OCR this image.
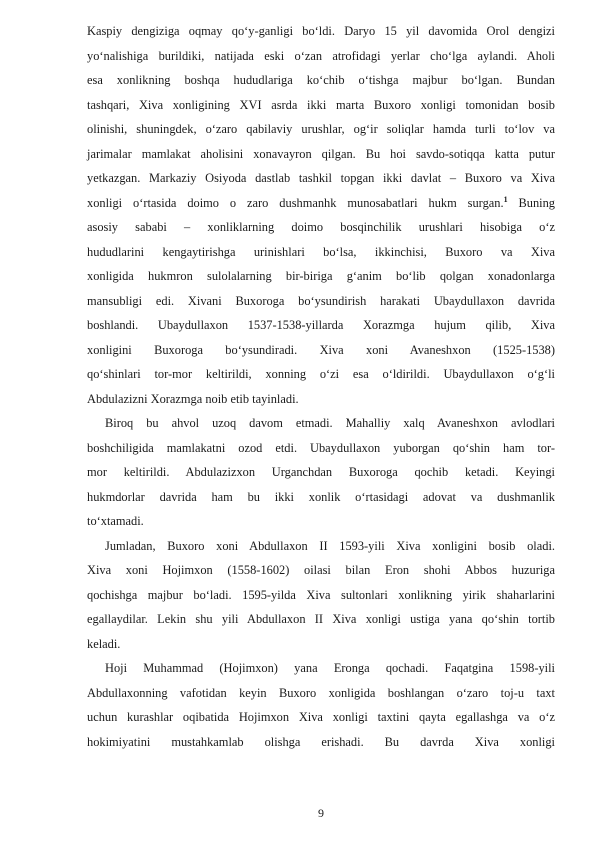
Kaspiy dengiziga oqmay qo‘y-ganligi bo‘ldi. Daryo 15 yil davomida Orol dengizi
yo‘nalishiga burildiki, natijada eski o‘zan atrofidagi yerlar cho‘lga aylandi. Aholi
esa xonlikning boshqa hududlariga ko‘chib o‘tishga majbur bo‘lgan. Bundan
tashqari, Xiva xonligining XVI asrda ikki marta Buxoro xonligi tomonidan bosib
olinishi, shuningdek, o‘zaro qabilaviy urushlar, og‘ir soliqlar hamda turli to‘lov va
jarimalar mamlakat aholisini xonavayron qilgan. Bu hoi savdo-sotiqqa katta putur
yetkazgan. Markaziy Osiyoda dastlab tashkil topgan ikki davlat – Buxoro va Xiva
xonligi o‘rtasida doimo o zaro dushmanhk munosabatlari hukm surgan.$^1$ Buning
asosiy sababi – xonliklarning doimo bosqinchilik urushlari hisobiga o‘z
hududlarini kengaytirishga urinishlari bo‘lsa, ikkinchisi, Buxoro va Xiva
xonligida hukmron sulolalarning bir-biriga g‘anim bo‘lib qolgan xonadonlarga
mansubligi edi. Xivani Buxoroga bo‘ysundirish harakati Ubaydullaxon davrida
boshlandi. Ubaydullaxon 1537-1538-yillarda Xorazmga hujum qilib, Xiva
xonligini Buxoroga bo‘ysundiradi. Xiva xoni Avaneshxon (1525-1538)
qo‘shinlari tor-mor keltirildi, xonning o‘zi esa o‘ldirildi. Ubaydullaxon o‘g‘li
Abdulazizni Xorazmga noib etib tayinladi.
Biroq bu ahvol uzoq davom etmadi. Mahalliy xalq Avaneshxon avlodlari
boshchiligida mamlakatni ozod etdi. Ubaydullaxon yuborgan qo‘shin ham tor-
mor keltirildi. Abdulazizxon Urganchdan Buxoroga qochib ketadi. Keyingi
hukmdorlar davrida ham bu ikki xonlik o‘rtasidagi adovat va dushmanlik
to‘xtamadi.
Jumladan, Buxoro xoni Abdullaxon II 1593-yili Xiva xonligini bosib oladi.
Xiva xoni Hojimxon (1558-1602) oilasi bilan Eron shohi Abbos huzuriga
qochishga majbur bo‘ladi. 1595-yilda Xiva sultonlari xonlikning yirik shaharlarini
egallaydilar. Lekin shu yili Abdullaxon II Xiva xonligi ustiga yana qo‘shin tortib
keladi.
Hoji Muhammad (Hojimxon) yana Eronga qochadi. Faqatgina 1598-yili
Abdullaxonning vafotidan keyin Buxoro xonligida boshlangan o‘zaro toj-u taxt
uchun kurashlar oqibatida Hojimxon Xiva xonligi taxtini qayta egallashga va o‘z
hokimiyatini mustahkamlab olishga erishadi. Bu davrda Xiva xonligi
9
